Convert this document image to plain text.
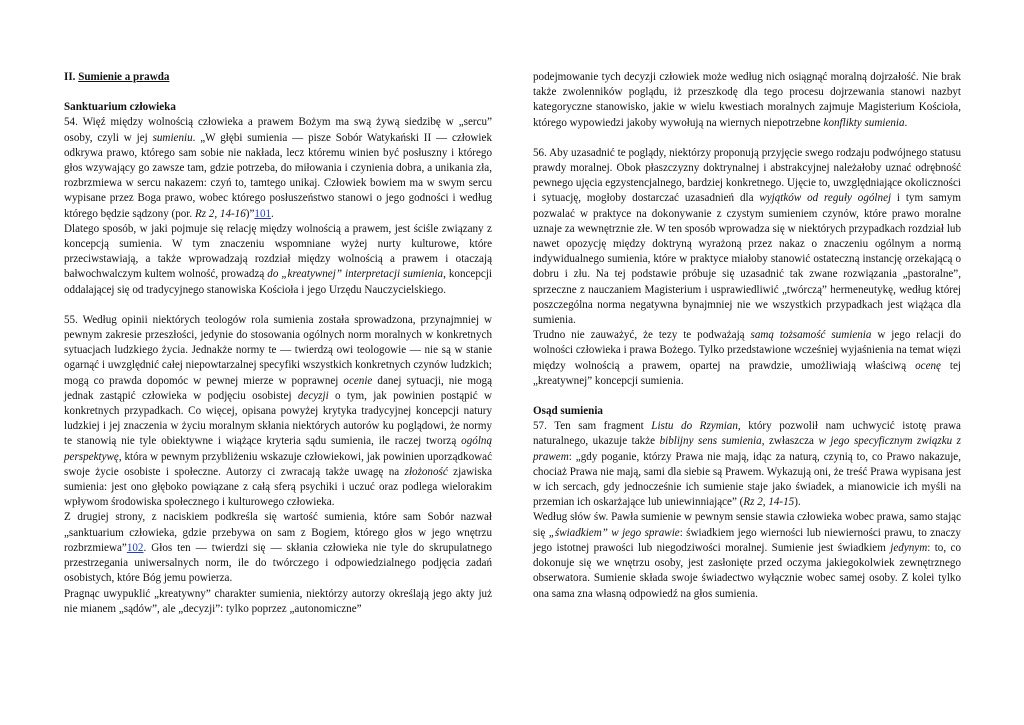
II. Sumienie a prawda
Sanktuarium człowieka

54. Więź między wolnością człowieka a prawem Bożym ma swą żywą siedzibę w „sercu” osoby, czyli w jej sumieniu. „W głębi sumienia — pisze Sobór Watykański II — człowiek odkrywa prawo, którego sam sobie nie nakłada, lecz któremu winien być posłuszny i którego głos wzywający go zawsze tam, gdzie potrzeba, do miłowania i czynienia dobra, a unikania zła, rozbrzmiewa w sercu nakazem: czyń to, tamtego unikaj. Człowiek bowiem ma w swym sercu wypisane przez Boga prawo, wobec którego posłuszeństwo stanowi o jego godności i według którego będzie sądzony (por. Rz 2, 14-16)”101.

Dlatego sposób, w jaki pojmuje się relację między wolnością a prawem, jest ściśle związany z koncepcją sumienia. W tym znaczeniu wspomniane wyżej nurty kulturowe, które przeciwstawiają, a także wprowadzają rozdział między wolnością a prawem i otaczają bałwochwalczym kultem wolność, prowadzą do „kreatywnej” interpretacji sumienia, koncepcji oddalającej się od tradycyjnego stanowiska Kościoła i jego Urzędu Nauczycielskiego.

55. Według opinii niektórych teologów rola sumienia została sprowadzona, przynajmniej w pewnym zakresie przeszłości, jedynie do stosowania ogólnych norm moralnych w konkretnych sytuacjach ludzkiego życia. Jednakże normy te — twierdzą owi teologowie — nie są w stanie ogarnąć i uwzględnić całej niepowtarzalnej specyfiki wszystkich konkretnych czynów ludzkich; mogą co prawda dopomóc w pewnej mierze w poprawnej ocenie danej sytuacji, nie mogą jednak zastąpić człowieka w podjęciu osobistej decyzji o tym, jak powinien postąpić w konkretnych przypadkach. Co więcej, opisana powyżej krytyka tradycyjnej koncepcji natury ludzkiej i jej znaczenia w życiu moralnym skłania niektórych autorów ku poglądowi, że normy te stanowią nie tyle obiektywne i wiążące kryteria sądu sumienia, ile raczej tworzą ogólną perspektywę, która w pewnym przybliżeniu wskazuje człowiekowi, jak powinien uporządkować swoje życie osobiste i społeczne. Autorzy ci zwracają także uwagę na złożoność zjawiska sumienia: jest ono głęboko powiązane z całą sferą psychiki i uczuć oraz podlega wielorakim wpływom środowiska społecznego i kulturowego człowieka.

Z drugiej strony, z naciskiem podkreśla się wartość sumienia, które sam Sobór nazwał „sanktuarium człowieka, gdzie przebywa on sam z Bogiem, którego głos w jego wnętrzu rozbrzmiewa”102. Głos ten — twierdzi się — skłania człowieka nie tyle do skrupulatnego przestrzegania uniwersalnych norm, ile do twórczego i odpowiedzialnego podjęcia zadań osobistych, które Bóg jemu powierza.

Pragnąc uwypuklić „kreatywny” charakter sumienia, niektórzy autorzy określają jego akty już nie mianem „sądów”, ale „decyzji”: tylko poprzez „autonomiczne”

podejmowanie tych decyzji człowiek może według nich osiągnąć moralną dojrzałość. Nie brak także zwolenników poglądu, iż przeszkodę dla tego procesu dojrzewania stanowi nazbyt kategoryczne stanowisko, jakie w wielu kwestiach moralnych zajmuje Magisterium Kościoła, którego wypowiedzi jakoby wywołują na wiernych niepotrzebne konflikty sumienia.

56. Aby uzasadnić te poglądy, niektórzy proponują przyjęcie swego rodzaju podwójnego statusu prawdy moralnej. Obok płaszczyzny doktrynalnej i abstrakcyjnej należałoby uznać odrębność pewnego ujęcia egzystencjalnego, bardziej konkretnego. Ujęcie to, uwzględniające okoliczności i sytuację, mogłoby dostarczać uzasadnień dla wyjątków od reguły ogólnej i tym samym pozwalać w praktyce na dokonywanie z czystym sumieniem czynów, które prawo moralne uznaje za wewnętrznie złe. W ten sposób wprowadza się w niektórych przypadkach rozdział lub nawet opozycję między doktryną wyrażoną przez nakaz o znaczeniu ogólnym a normą indywidualnego sumienia, które w praktyce miałoby stanowić ostateczną instancję orzekającą o dobru i złu. Na tej podstawie próbuje się uzasadnić tak zwane rozwiązania „pastoralne”, sprzeczne z nauczaniem Magisterium i usprawiedliwić „twórczą” hermeneutykę, według której poszczególna norma negatywna bynajmniej nie we wszystkich przypadkach jest wiążąca dla sumienia.

Trudno nie zauważyć, że tezy te podważają samą tożsamość sumienia w jego relacji do wolności człowieka i prawa Bożego. Tylko przedstawione wcześniej wyjaśnienia na temat więzi między wolnością a prawem, opartej na prawdzie, umożliwiają właściwą ocenę tej „kreatywnej” koncepcji sumienia.

Osąd sumienia

57. Ten sam fragment Listu do Rzymian, który pozwolił nam uchwycić istotę prawa naturalnego, ukazuje także biblijny sens sumienia, zwłaszcza w jego specyficznym związku z prawem: „gdy poganie, którzy Prawa nie mają, idąc za naturą, czynią to, co Prawo nakazuje, chociaż Prawa nie mają, sami dla siebie są Prawem. Wykazują oni, że treść Prawa wypisana jest w ich sercach, gdy jednocześnie ich sumienie staje jako świadek, a mianowicie ich myśli na przemian ich oskarżające lub uniewinniające” (Rz 2, 14-15).

Według słów św. Pawła sumienie w pewnym sensie stawia człowieka wobec prawa, samo stając się „świadkiem” w jego sprawie: świadkiem jego wierności lub niewierności prawu, to znaczy jego istotnej prawości lub niegodziwości moralnej. Sumienie jest świadkiem jedynym: to, co dokonuje się we wnętrzu osoby, jest zasłonięte przed oczyma jakiegokolwiek zewnętrznego obserwatora. Sumienie składa swoje świadectwo wyłącznie wobec samej osoby. Z kolei tylko ona sama zna własną odpowiedź na głos sumienia.
